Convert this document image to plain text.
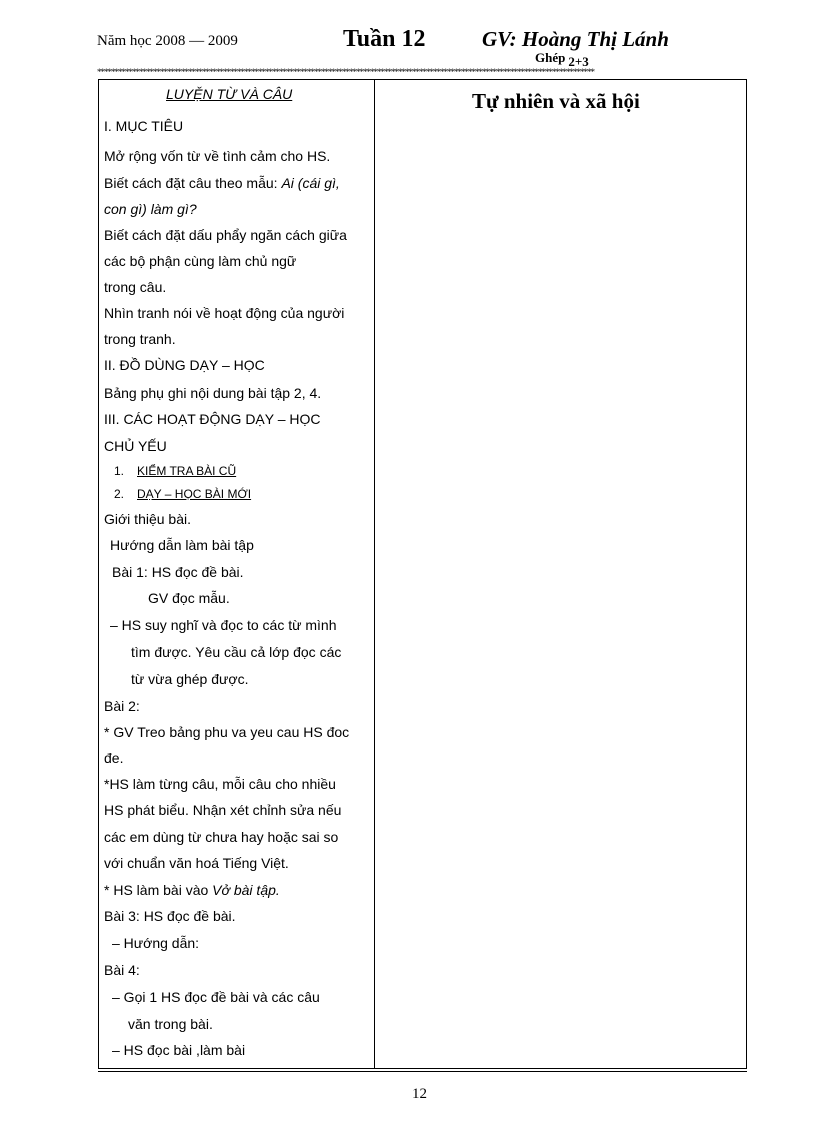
Năm học 2008 — 2009	Tuần 12	GV: Hoàng Thị Lánh
Ghép $_{2+3}$
**********************************************************************************************************************************************
LUYỆN TỪ VÀ CÂU
I. MỤC TIÊU
Mở rộng vốn từ về tình cảm cho HS.
Biết cách đặt câu theo mẫu: Ai (cái gì,
con gì) làm gì?
Biết cách đặt dấu phẩy ngăn cách giữa
các bộ phận cùng làm chủ ngữ
trong câu.
Nhìn tranh nói về hoạt động của người
trong tranh.
II. ĐỒ DÙNG DẠY – HỌC
Bảng phụ ghi nội dung bài tập 2, 4.
III. CÁC HOẠT ĐỘNG DẠY – HỌC
CHỦ YẾU
1. KIỂM TRA BÀI CŨ
2. DẠY – HỌC BÀI MỚI
Giới thiệu bài.
Hướng dẫn làm bài tập
Bài 1: HS đọc đề bài.
GV đọc mẫu.
– HS suy nghĩ và đọc to các từ mình
tìm được. Yêu cầu cả lớp đọc các
từ vừa ghép được.
Bài 2:
* GV Treo bảng phu va yeu cau HS đoc
đe.
*HS làm từng câu, mỗi câu cho nhiều
HS phát biểu. Nhận xét chỉnh sửa nếu
các em dùng từ chưa hay hoặc sai so
với chuẩn văn hoá Tiếng Việt.
* HS làm bài vào Vở bài tập.
Bài 3: HS đọc đề bài.
– Hướng dẫn:
Bài 4:
– Gọi 1 HS đọc đề bài và các câu
văn trong bài.
– HS đọc bài ,làm bài
Tự nhiên và xã hội
12
